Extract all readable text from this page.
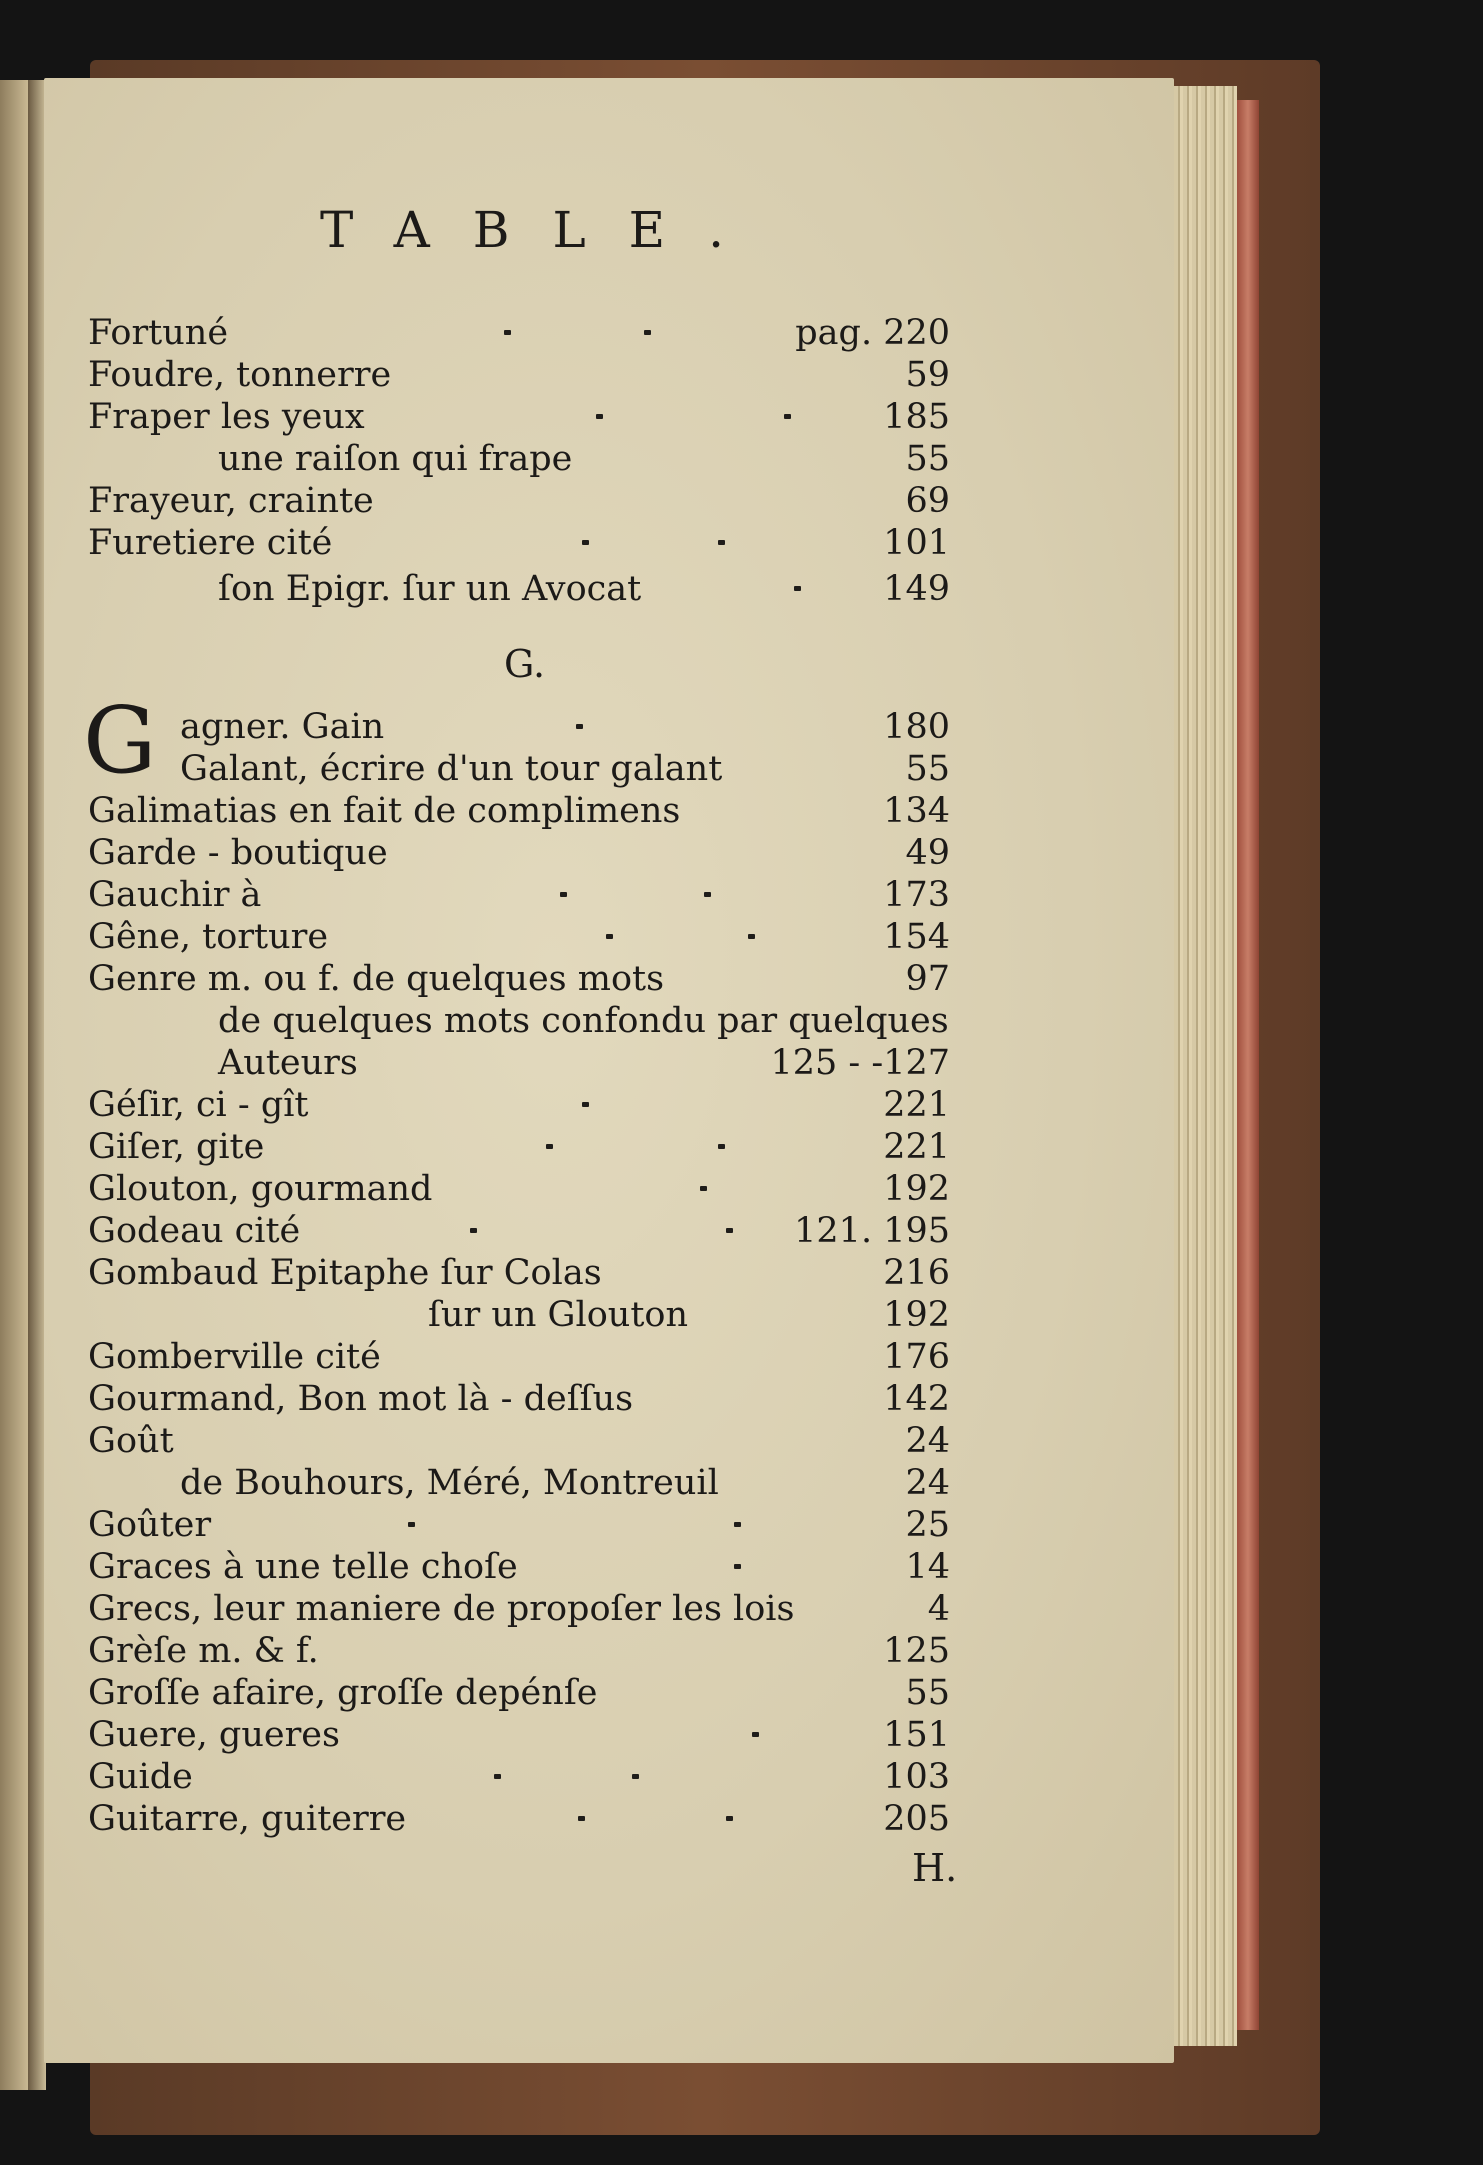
TABLE.
G.
G
Fortuné	pag. 220
Foudre, tonnerre	59
Fraper les yeux	185
une raiſon qui frape	55
Frayeur, crainte	69
Furetiere cité	101
ſon Epigr. ſur un Avocat	149
agner. Gain	180
Galant, écrire d'un tour galant	55
Galimatias en fait de complimens	134
Garde - boutique	49
Gauchir à	173
Gêne, torture	154
Genre m. ou f. de quelques mots	97
de quelques mots confondu par quelques
Auteurs	125 - -127
Géſir, ci - gît	221
Giſer, gite	221
Glouton, gourmand	192
Godeau cité	121. 195
Gombaud Epitaphe ſur Colas	216
ſur un Glouton	192
Gomberville cité	176
Gourmand, Bon mot là - deſſus	142
Goût	24
de Bouhours, Méré, Montreuil	24
Goûter	25
Graces à une telle choſe	14
Grecs, leur maniere de propoſer les lois	4
Grèſe m. & f.	125
Groſſe afaire, groſſe depénſe	55
Guere, gueres	151
Guide	103
Guitarre, guiterre	205
H.
